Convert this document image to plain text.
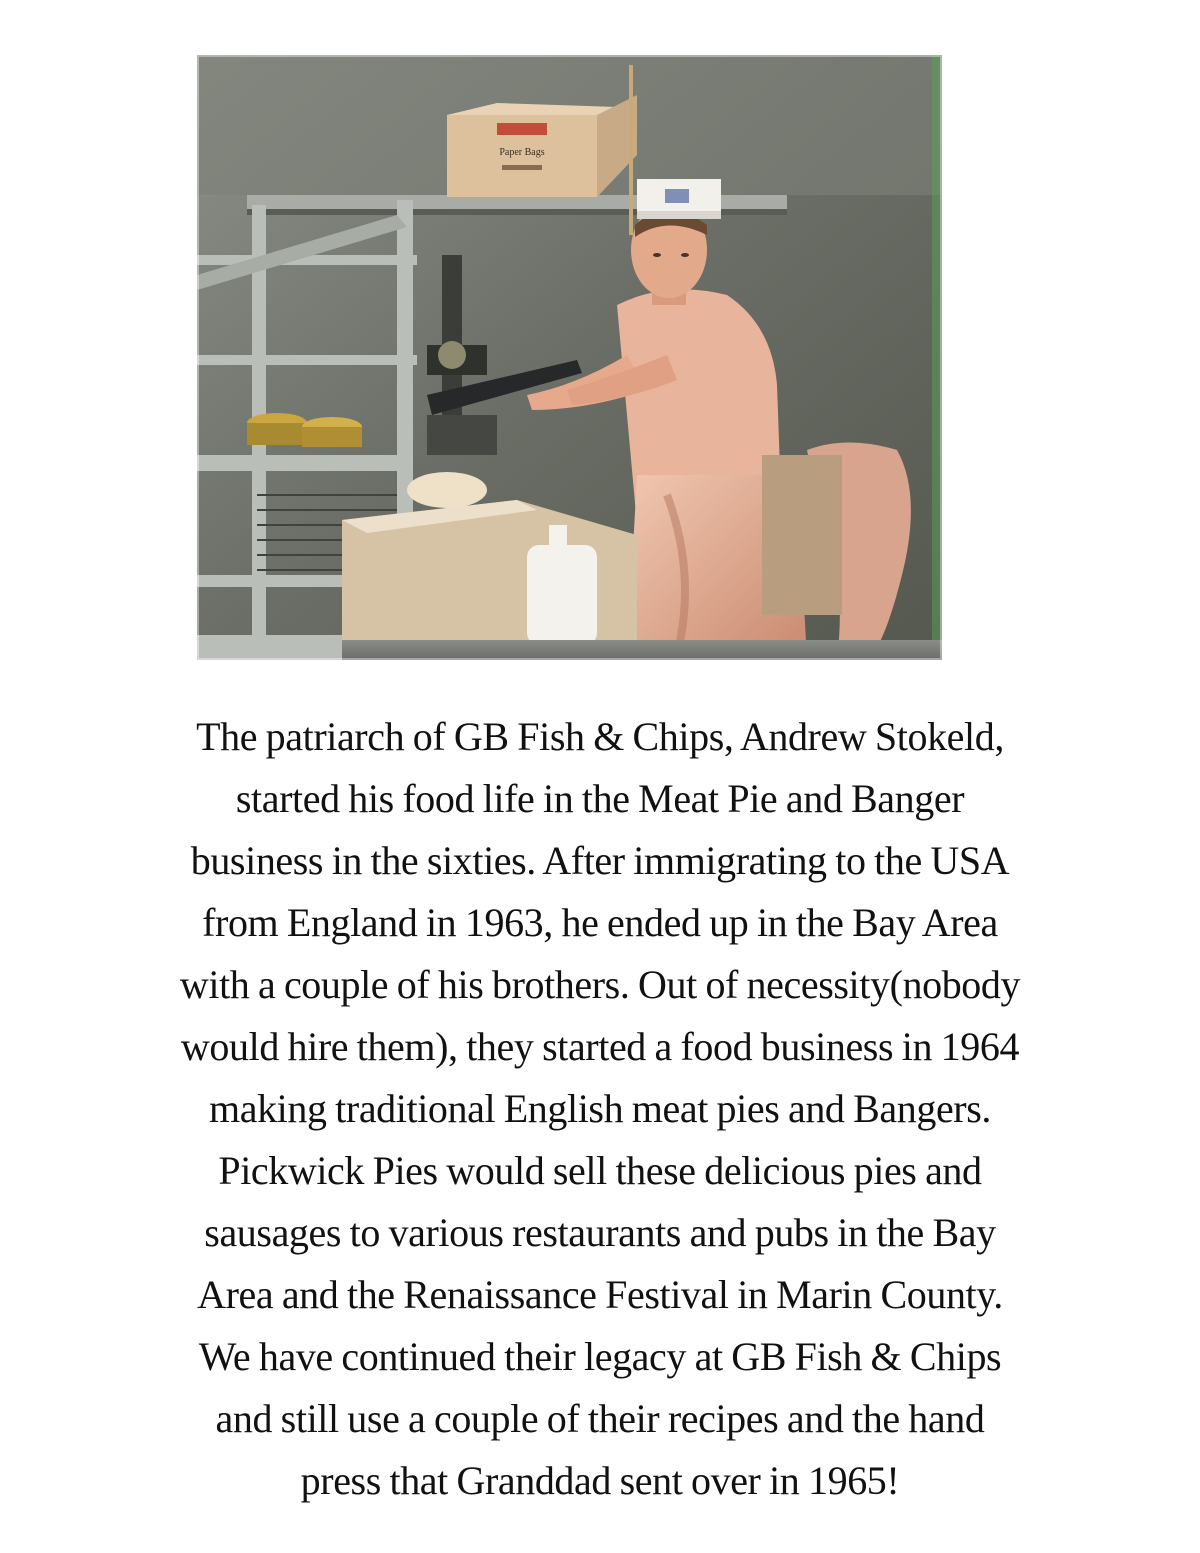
Paper Bags
The patriarch of GB Fish & Chips, Andrew Stokeld,
started his food life in the Meat Pie and Banger
business in the sixties. After immigrating to the USA
from England in 1963, he ended up in the Bay Area
with a couple of his brothers. Out of necessity(nobody
would hire them), they started a food business in 1964
making traditional English meat pies and Bangers.
Pickwick Pies would sell these delicious pies and
sausages to various restaurants and pubs in the Bay
Area and the Renaissance Festival in Marin County.
We have continued their legacy at GB Fish & Chips
and still use a couple of their recipes and the hand
press that Granddad sent over in 1965!
